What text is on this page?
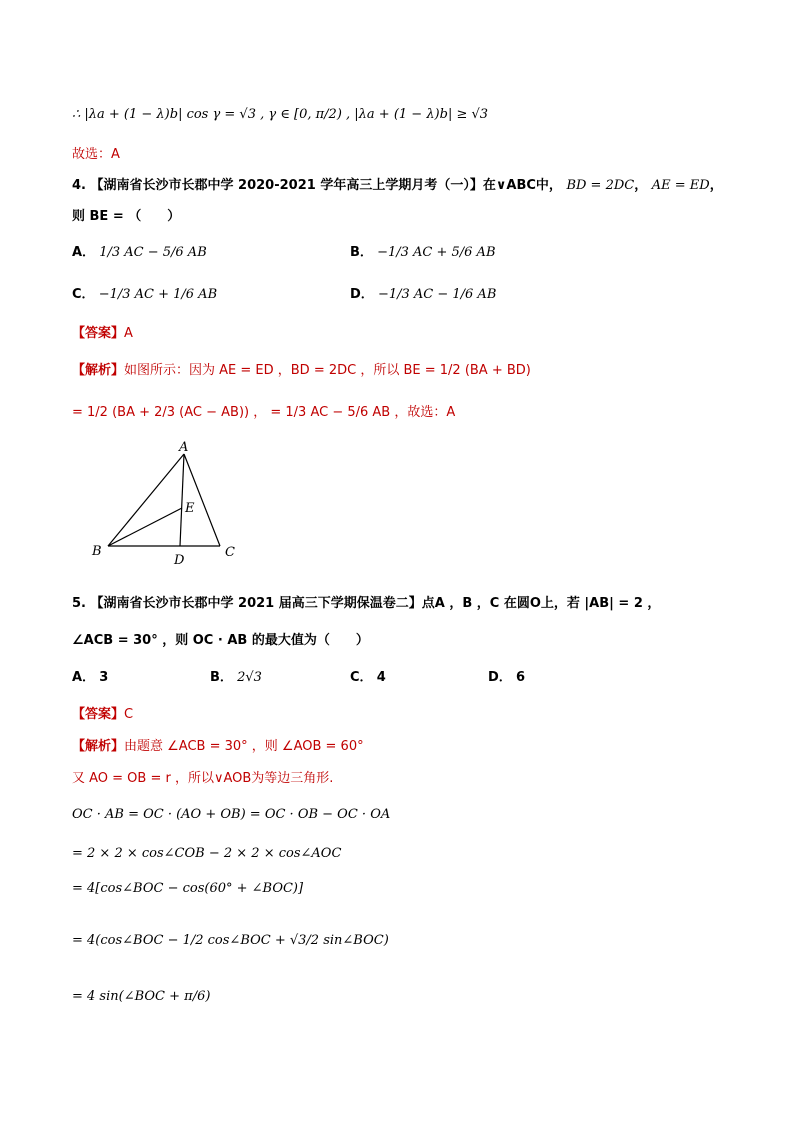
∴ |λa + (1 − λ)b| cos γ = √3 , γ ∈ [0, π/2) , |λa + (1 − λ)b| ≥ √3
故选：A
4. 【湖南省长沙市长郡中学 2020-2021 学年高三上学期月考（一）】在∨ABC中， BD = 2DC， AE = ED，
则 BE = （　　）
A． 1/3 AC − 5/6 AB	B． −1/3 AC + 5/6 AB
C． −1/3 AC + 1/6 AB	D． −1/3 AC − 1/6 AB
【答案】A
【解析】如图所示：因为 AE = ED ，BD = 2DC ，所以 BE = 1/2 (BA + BD)
= 1/2 (BA + 2/3 (AC − AB)) ， = 1/3 AC − 5/6 AB ，故选：A
A
B	C
D
E
5. 【湖南省长沙市长郡中学 2021 届高三下学期保温卷二】点A ，B ，C 在圆O上，若 |AB| = 2 ，
∠ACB = 30° ，则 OC · AB 的最大值为（　　）
A． 3	B． 2√3	C． 4	D． 6
【答案】C
【解析】由题意 ∠ACB = 30° ，则 ∠AOB = 60°
又 AO = OB = r ，所以∨AOB为等边三角形.
OC · AB = OC · (AO + OB) = OC · OB − OC · OA
= 2 × 2 × cos∠COB − 2 × 2 × cos∠AOC
= 4[cos∠BOC − cos(60° + ∠BOC)]
= 4(cos∠BOC − 1/2 cos∠BOC + √3/2 sin∠BOC)
= 4 sin(∠BOC + π/6)
